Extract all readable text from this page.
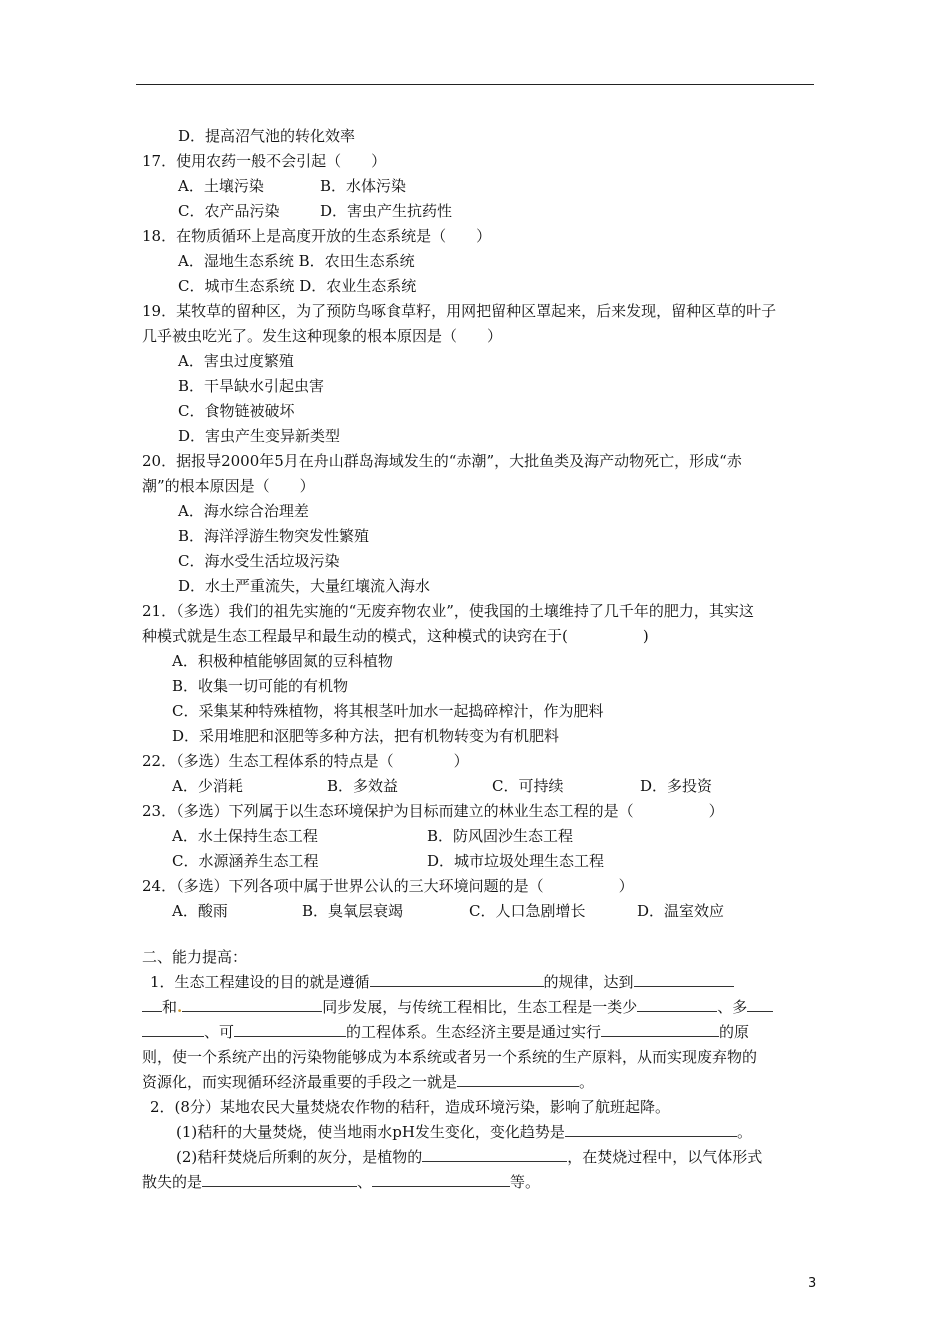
D．提高沼气池的转化效率
17．使用农药一般不会引起（　　）
A．土壤污染	B．水体污染
C．农产品污染	D．害虫产生抗药性
18．在物质循环上是高度开放的生态系统是（　　）
A．湿地生态系统 B．农田生态系统
C．城市生态系统 D．农业生态系统
19．某牧草的留种区，为了预防鸟啄食草籽，用网把留种区罩起来，后来发现，留种区草的叶子
几乎被虫吃光了。发生这种现象的根本原因是（　　）
A．害虫过度繁殖
B．干旱缺水引起虫害
C．食物链被破坏
D．害虫产生变异新类型
20．据报导2000年5月在舟山群岛海域发生的“赤潮”，大批鱼类及海产动物死亡，形成“赤
潮”的根本原因是（　　）
A．海水综合治理差
B．海洋浮游生物突发性繁殖
C．海水受生活垃圾污染
D．水土严重流失，大量红壤流入海水
21．（多选）我们的祖先实施的“无废弃物农业”，使我国的土壤维持了几千年的肥力，其实这
种模式就是生态工程最早和最生动的模式，这种模式的诀窍在于(　　　　　)
A．积极种植能够固氮的豆科植物
B．收集一切可能的有机物
C．采集某种特殊植物，将其根茎叶加水一起捣碎榨汁，作为肥料
D．采用堆肥和沤肥等多种方法，把有机物转变为有机肥料
22．（多选）生态工程体系的特点是（　　　　）
A．少消耗	B．多效益	C．可持续	D．多投资
23．（多选）下列属于以生态环境保护为目标而建立的林业生态工程的是（　　　　　）
A．水土保持生态工程	B．防风固沙生态工程
C．水源涵养生态工程	D．城市垃圾处理生态工程
24．（多选）下列各项中属于世界公认的三大环境问题的是（　　　　　）
A．酸雨	B．臭氧层衰竭	C．人口急剧增长	D．温室效应
二、能力提高：
1．生态工程建设的目的就是遵循	的规律，达到
和.	同步发展，与传统工程相比，生态工程是一类少	、多
、可	的工程体系。生态经济主要是通过实行	的原
则，使一个系统产出的污染物能够成为本系统或者另一个系统的生产原料，从而实现废弃物的
资源化，而实现循环经济最重要的手段之一就是	。
2．(8分）某地农民大量焚烧农作物的秸秆，造成环境污染，影响了航班起降。
(1)秸秆的大量焚烧，使当地雨水pH发生变化，变化趋势是	。
(2)秸秆焚烧后所剩的灰分，是植物的	，在焚烧过程中，以气体形式
散失的是	、	等。
3
